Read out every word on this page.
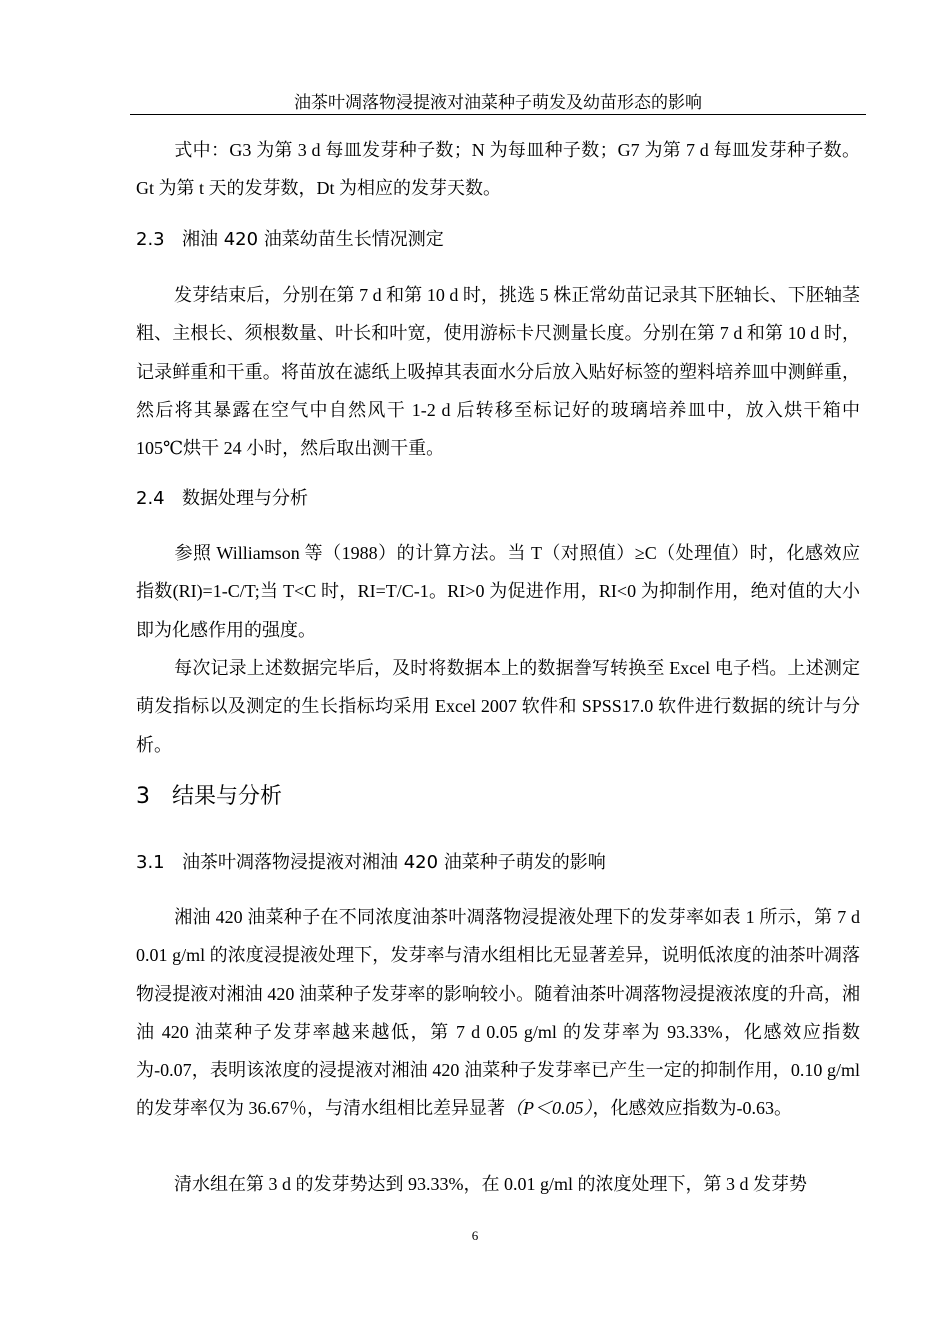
油茶叶凋落物浸提液对油菜种子萌发及幼苗形态的影响

式中：G3 为第 3 d 每皿发芽种子数；N 为每皿种子数；G7 为第 7 d 每皿发芽种子数。Gt 为第 t 天的发芽数，Dt 为相应的发芽天数。

2.3 湘油 420 油菜幼苗生长情况测定

发芽结束后，分别在第 7 d 和第 10 d 时，挑选 5 株正常幼苗记录其下胚轴长、下胚轴茎粗、主根长、须根数量、叶长和叶宽，使用游标卡尺测量长度。分别在第 7 d 和第 10 d 时，记录鲜重和干重。将苗放在滤纸上吸掉其表面水分后放入贴好标签的塑料培养皿中测鲜重，然后将其暴露在空气中自然风干 1-2 d 后转移至标记好的玻璃培养皿中，放入烘干箱中 105℃烘干 24 小时，然后取出测干重。

2.4 数据处理与分析

参照 Williamson 等（1988）的计算方法。当 T（对照值）≥C（处理值）时，化感效应指数(RI)=1-C/T;当 T<C 时，RI=T/C-1。RI>0 为促进作用，RI<0 为抑制作用，绝对值的大小即为化感作用的强度。

每次记录上述数据完毕后，及时将数据本上的数据誊写转换至 Excel 电子档。上述测定萌发指标以及测定的生长指标均采用 Excel 2007 软件和 SPSS17.0 软件进行数据的统计与分析。

3 结果与分析
3.1 油茶叶凋落物浸提液对湘油 420 油菜种子萌发的影响

湘油 420 油菜种子在不同浓度油茶叶凋落物浸提液处理下的发芽率如表 1 所示，第 7 d 0.01 g/ml 的浓度浸提液处理下，发芽率与清水组相比无显著差异，说明低浓度的油茶叶凋落物浸提液对湘油 420 油菜种子发芽率的影响较小。随着油茶叶凋落物浸提液浓度的升高，湘油 420 油菜种子发芽率越来越低，第 7 d 0.05 g/ml 的发芽率为 93.33%，化感效应指数为-0.07，表明该浓度的浸提液对湘油 420 油菜种子发芽率已产生一定的抑制作用，0.10 g/ml 的发芽率仅为 36.67％，与清水组相比差异显著（P＜0.05），化感效应指数为-0.63。

清水组在第 3 d 的发芽势达到 93.33%，在 0.01 g/ml 的浓度处理下，第 3 d 发芽势

6
